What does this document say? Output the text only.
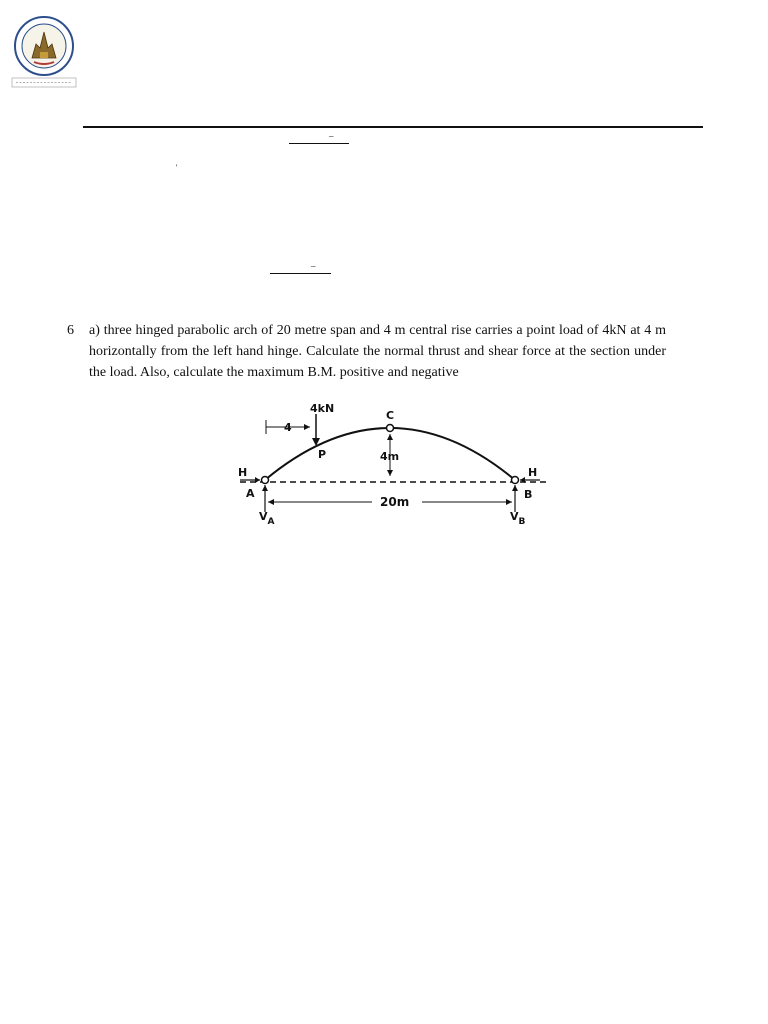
–
'
–
6 a) three hinged parabolic arch of 20 metre span and 4 m central rise carries a point load of 4kN at 4 m horizontally from the left hand hinge. Calculate the normal thrust and shear force at the section under the load. Also, calculate the maximum B.M. positive and negative
4kN
C
P
4
4m
20m
A	B
H	H
$V_A$	$V_B$
